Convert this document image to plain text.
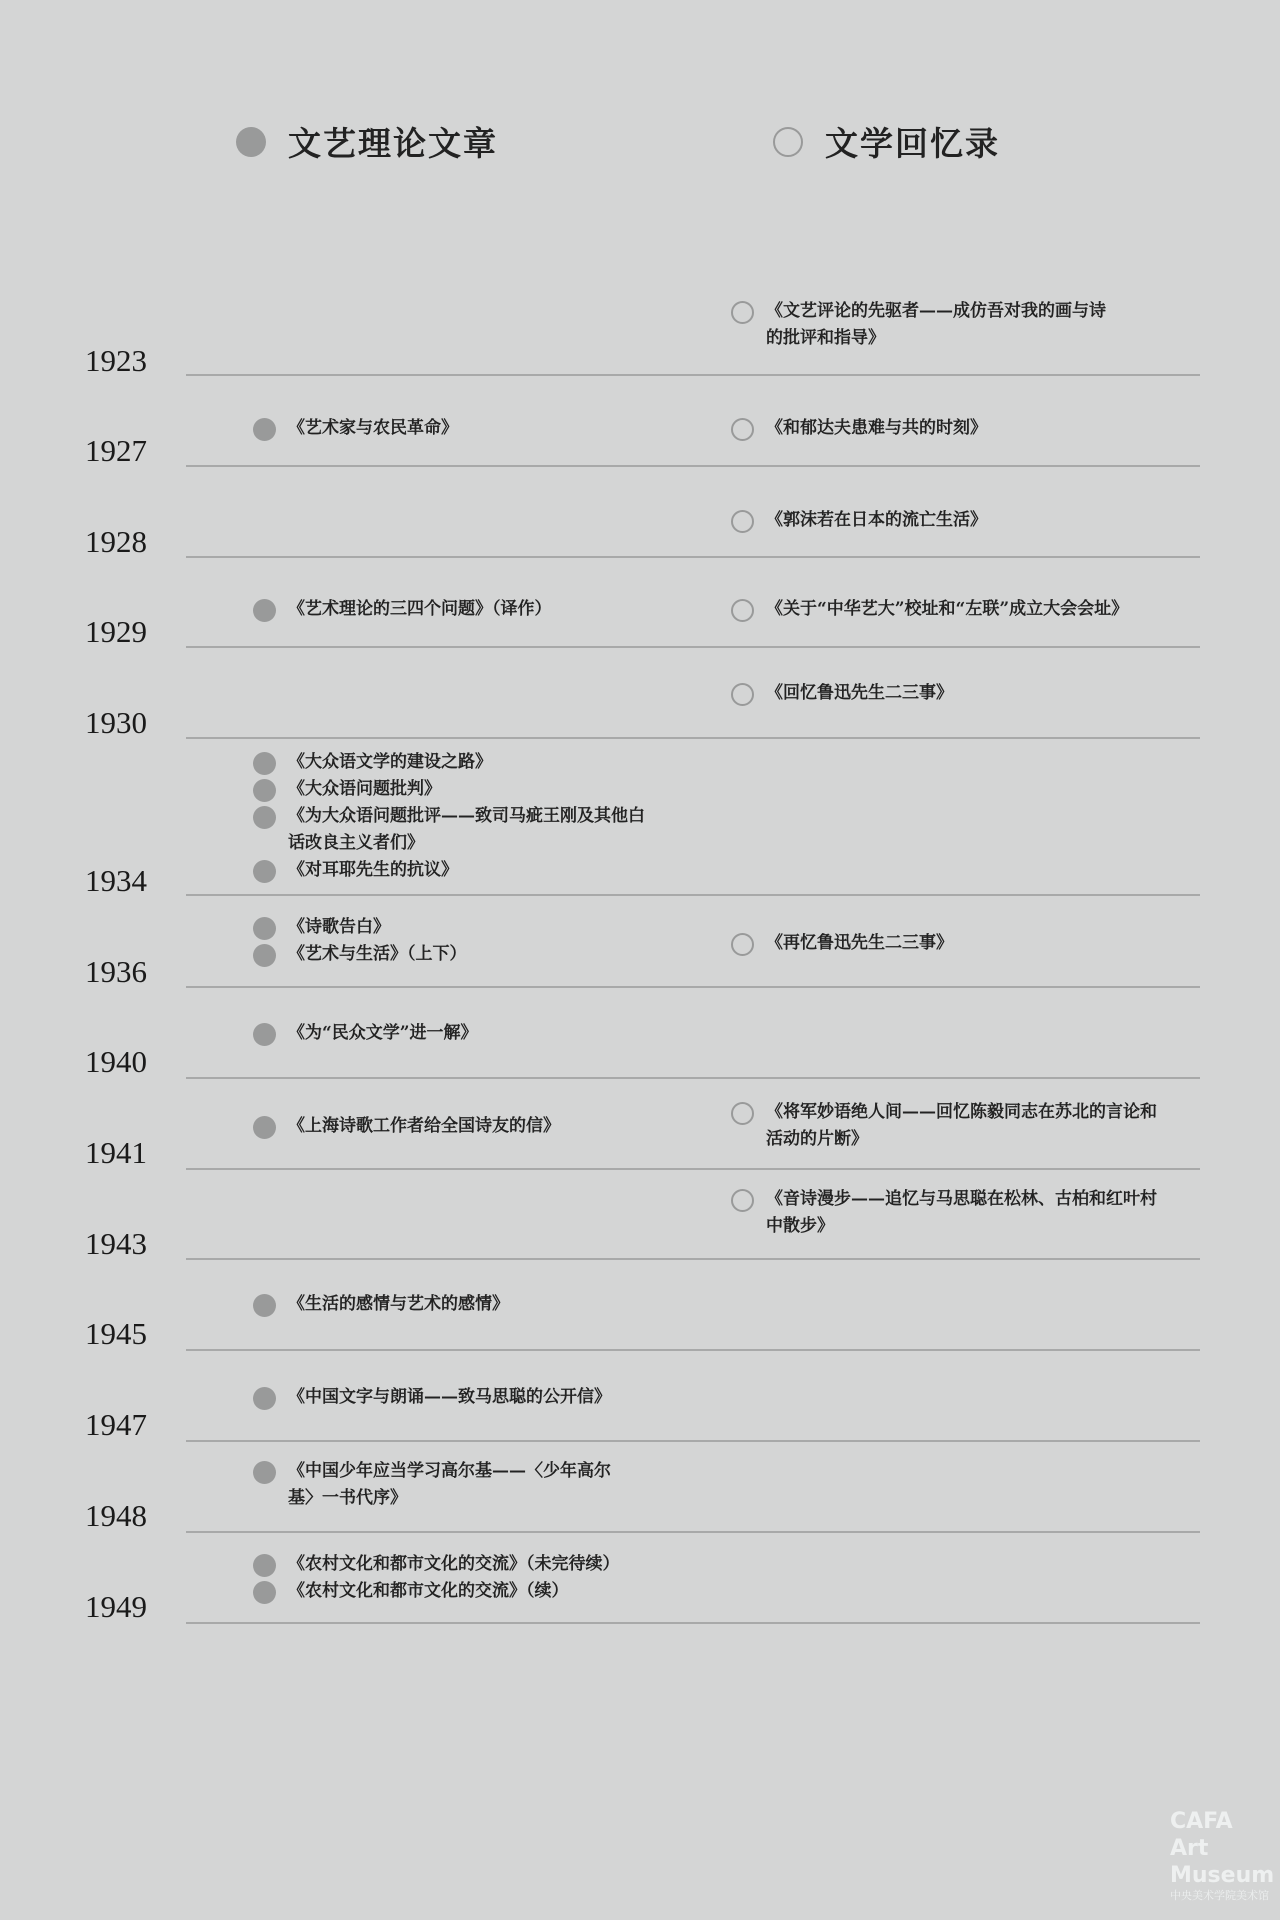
文艺理论文章	文学回忆录
1923
1927
1928
1929
1930
1934
1936
1940
1941
1943
1945
1947
1948
1949
《文艺评论的先驱者——成仿吾对我的画与诗的批评和指导》
《和郁达夫患难与共的时刻》
《郭沫若在日本的流亡生活》
《关于“中华艺大”校址和“左联”成立大会会址》
《回忆鲁迅先生二三事》
《再忆鲁迅先生二三事》
《将军妙语绝人间——回忆陈毅同志在苏北的言论和活动的片断》
《音诗漫步——追忆与马思聪在松林、古柏和红叶村中散步》
《艺术家与农民革命》
《艺术理论的三四个问题》（译作）
《大众语文学的建设之路》
《大众语问题批判》
《为大众语问题批评——致司马疵王刚及其他白话改良主义者们》
《对耳耶先生的抗议》
《诗歌告白》
《艺术与生活》（上下）
《为“民众文学”进一解》
《上海诗歌工作者给全国诗友的信》
《生活的感情与艺术的感情》
《中国文字与朗诵——致马思聪的公开信》
《中国少年应当学习高尔基——〈少年高尔基〉一书代序》
《农村文化和都市文化的交流》（未完待续）
《农村文化和都市文化的交流》（续）
CAFA
Art
Museum
中央美术学院美术馆
